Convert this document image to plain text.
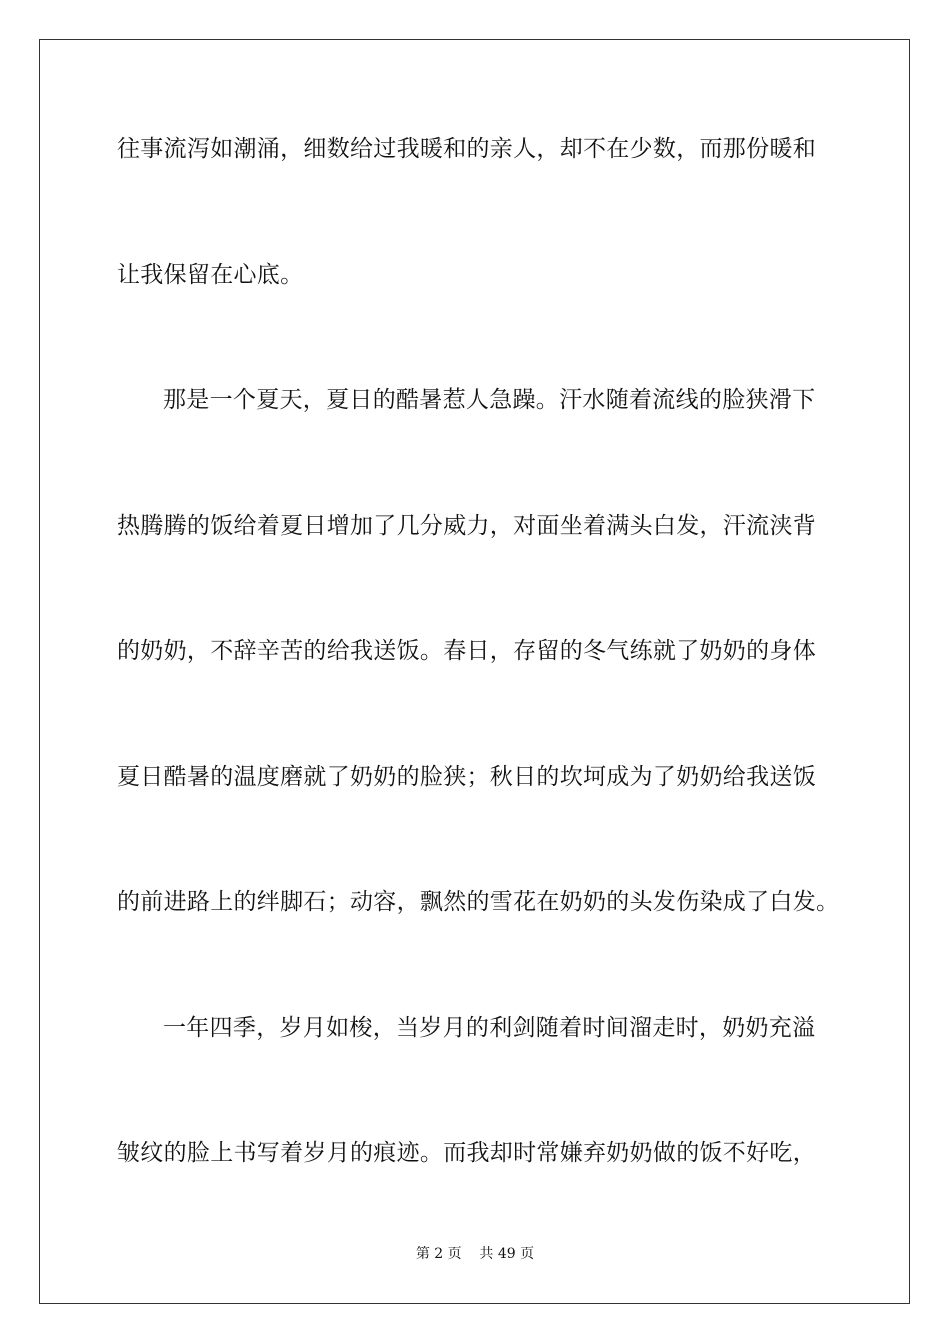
往事流泻如潮涌，细数给过我暖和的亲人，却不在少数，而那份暖和
让我保留在心底。
那是一个夏天，夏日的酷暑惹人急躁。汗水随着流线的脸狭滑下
热腾腾的饭给着夏日增加了几分威力，对面坐着满头白发，汗流浃背
的奶奶，不辞辛苦的给我送饭。春日，存留的冬气练就了奶奶的身体
夏日酷暑的温度磨就了奶奶的脸狭；秋日的坎坷成为了奶奶给我送饭
的前进路上的绊脚石；动容，飘然的雪花在奶奶的头发伤染成了白发。
一年四季，岁月如梭，当岁月的利剑随着时间溜走时，奶奶充溢
皱纹的脸上书写着岁月的痕迹。而我却时常嫌弃奶奶做的饭不好吃，
第 2 页    共 49 页
